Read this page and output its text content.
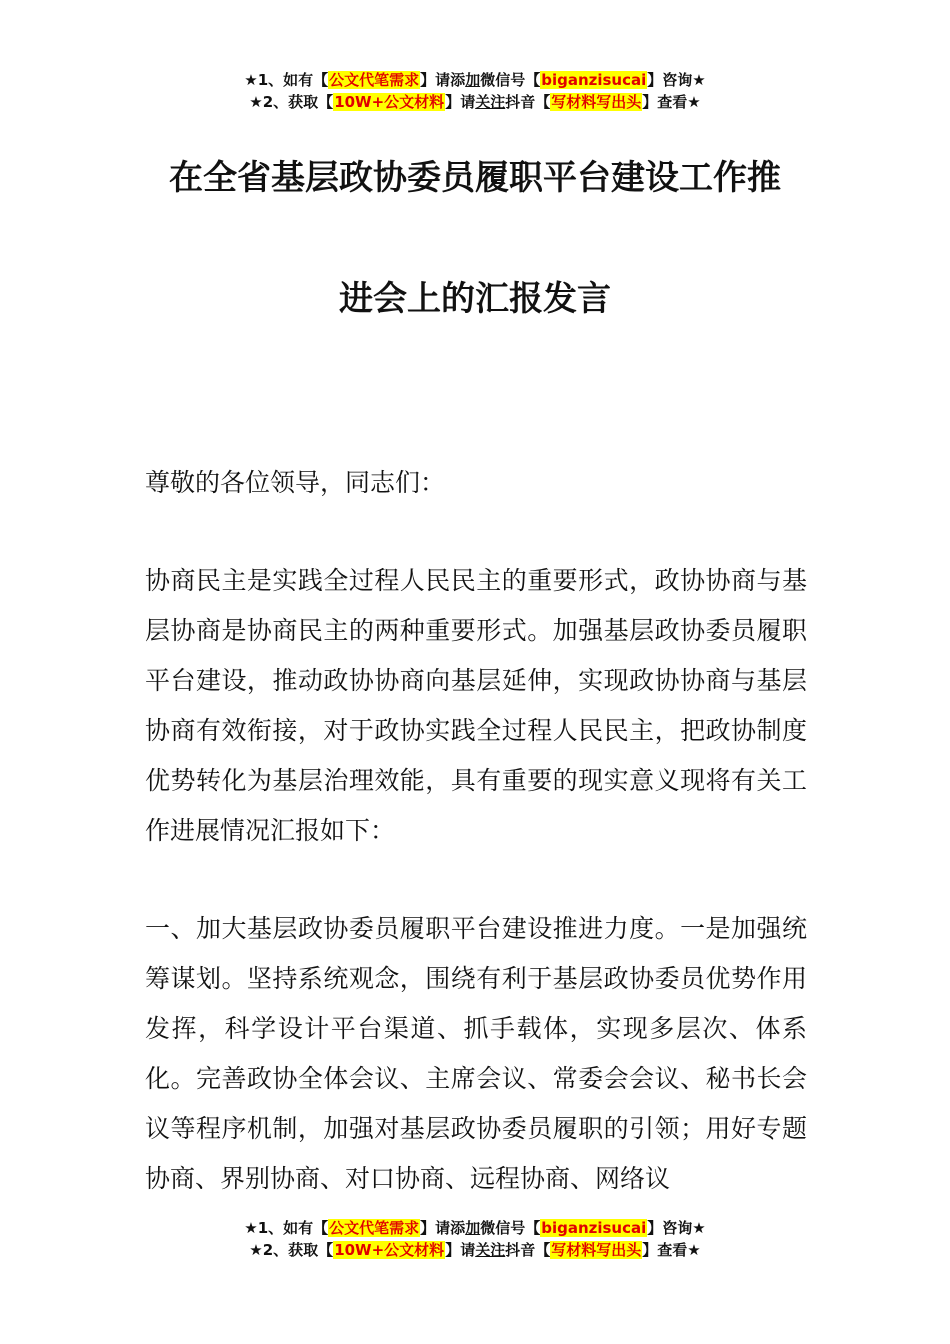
★1、如有【公文代笔需求】请添加微信号【biganzisucai】咨询★
★2、获取【10W+公文材料】请关注抖音【写材料写出头】查看★
在全省基层政协委员履职平台建设工作推
进会上的汇报发言
尊敬的各位领导，同志们：

协商民主是实践全过程人民民主的重要形式，政协协商与基层协商是协商民主的两种重要形式。加强基层政协委员履职平台建设，推动政协协商向基层延伸，实现政协协商与基层协商有效衔接，对于政协实践全过程人民民主，把政协制度优势转化为基层治理效能，具有重要的现实意义现将有关工作进展情况汇报如下：

一、加大基层政协委员履职平台建设推进力度。一是加强统筹谋划。坚持系统观念，围绕有利于基层政协委员优势作用发挥，科学设计平台渠道、抓手载体，实现多层次、体系化。完善政协全体会议、主席会议、常委会会议、秘书长会议等程序机制，加强对基层政协委员履职的引领；用好专题协商、界别协商、对口协商、远程协商、网络议

★1、如有【公文代笔需求】请添加微信号【biganzisucai】咨询★
★2、获取【10W+公文材料】请关注抖音【写材料写出头】查看★
